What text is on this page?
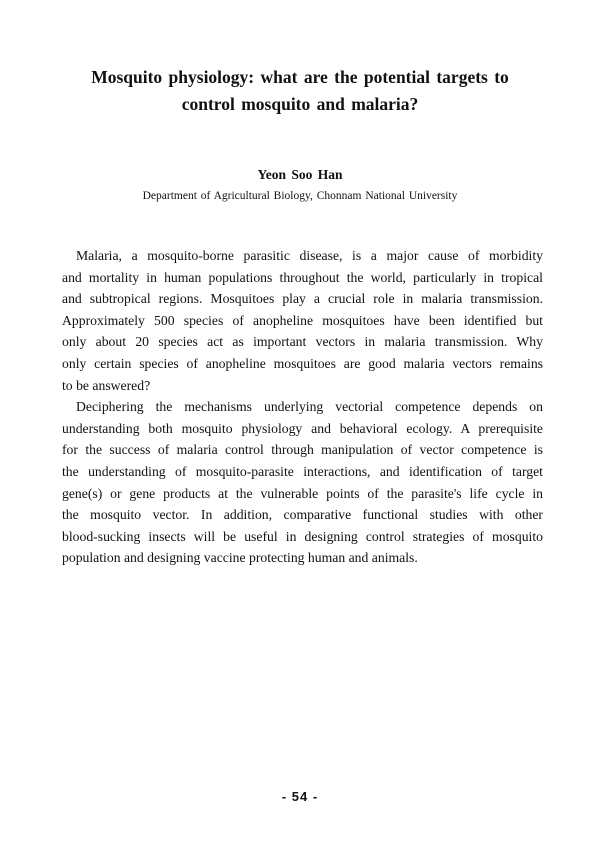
Mosquito physiology: what are the potential targets to
control mosquito and malaria?
Yeon Soo Han
Department of Agricultural Biology, Chonnam National University
Malaria, a mosquito-borne parasitic disease, is a major cause of morbidity
and mortality in human populations throughout the world, particularly in tropical
and subtropical regions. Mosquitoes play a crucial role in malaria transmission.
Approximately 500 species of anopheline mosquitoes have been identified but
only about 20 species act as important vectors in malaria transmission. Why
only certain species of anopheline mosquitoes are good malaria vectors remains
to be answered?
Deciphering the mechanisms underlying vectorial competence depends on
understanding both mosquito physiology and behavioral ecology. A prerequisite
for the success of malaria control through manipulation of vector competence is
the understanding of mosquito-parasite interactions, and identification of target
gene(s) or gene products at the vulnerable points of the parasite's life cycle in
the mosquito vector. In addition, comparative functional studies with other
blood-sucking insects will be useful in designing control strategies of mosquito
population and designing vaccine protecting human and animals.
- 54 -
